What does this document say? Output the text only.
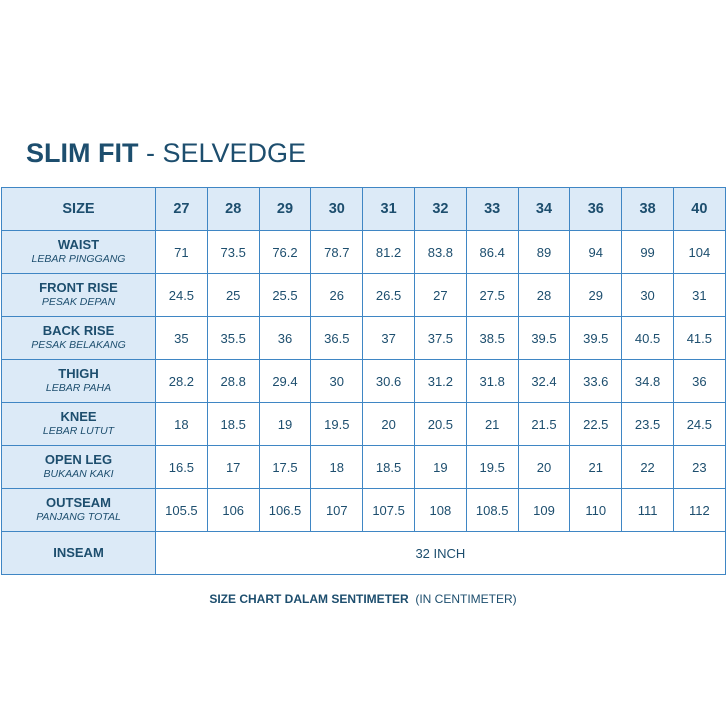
SLIM FIT - SELVEDGE
SIZE	27	28	29	30	31	32	33	34	36	38	40

WAIST
LEBAR PINGGANG	71	73.5	76.2	78.7	81.2	83.8	86.4	89	94	99	104

FRONT RISE
PESAK DEPAN	24.5	25	25.5	26	26.5	27	27.5	28	29	30	31

BACK RISE
PESAK BELAKANG	35	35.5	36	36.5	37	37.5	38.5	39.5	39.5	40.5	41.5

THIGH
LEBAR PAHA	28.2	28.8	29.4	30	30.6	31.2	31.8	32.4	33.6	34.8	36

KNEE
LEBAR LUTUT	18	18.5	19	19.5	20	20.5	21	21.5	22.5	23.5	24.5

OPEN LEG
BUKAAN KAKI	16.5	17	17.5	18	18.5	19	19.5	20	21	22	23

OUTSEAM
PANJANG TOTAL	105.5	106	106.5	107	107.5	108	108.5	109	110	111	112

INSEAM	32 INCH										
SIZE CHART DALAM SENTIMETER (IN CENTIMETER)
